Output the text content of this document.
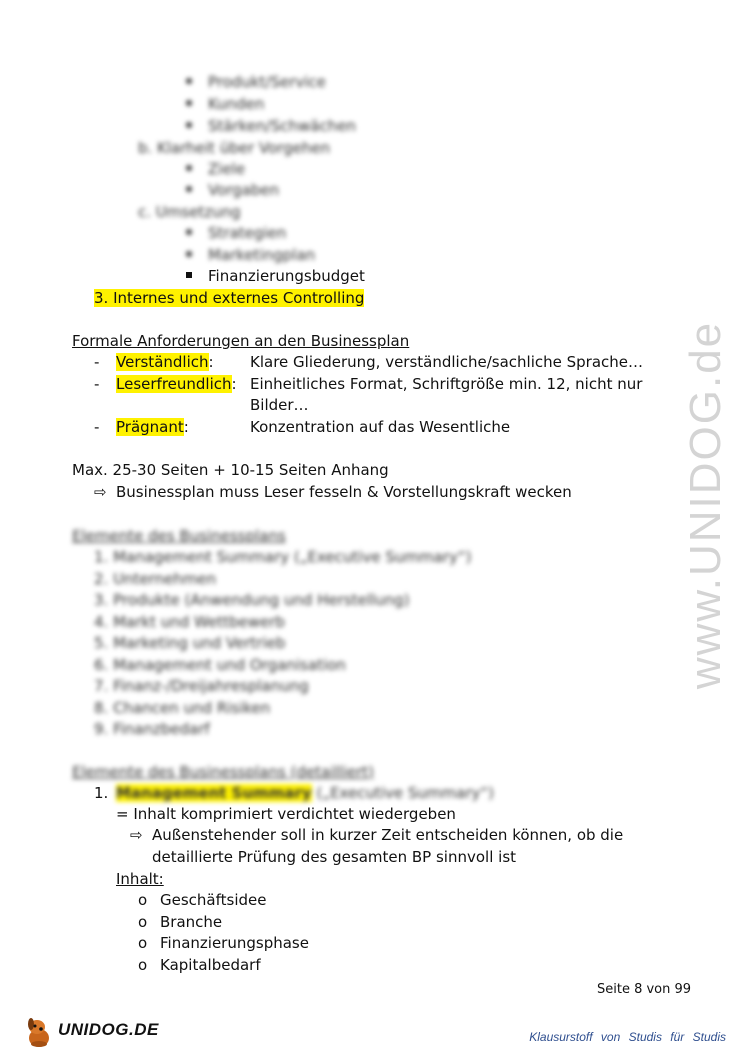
Produkt/Service
Kunden
Stärken/Schwächen
b. Klarheit über Vorgehen
Ziele
Vorgaben
c. Umsetzung
Strategien
Marketingplan
Finanzierungsbudget
3. Internes und externes Controlling
Formale Anforderungen an den Businessplan
- Verständlich: Klare Gliederung, verständliche/sachliche Sprache…
- Leserfreundlich: Einheitliches Format, Schriftgröße min. 12, nicht nur
Bilder…
- Prägnant:	Konzentration auf das Wesentliche
Max. 25-30 Seiten + 10-15 Seiten Anhang
⇨ Businessplan muss Leser fesseln & Vorstellungskraft wecken
Elemente des Businessplans
1. Management Summary („Executive Summary“)
2. Unternehmen
3. Produkte (Anwendung und Herstellung)
4. Markt und Wettbewerb
5. Marketing und Vertrieb
6. Management und Organisation
7. Finanz-/Dreijahresplanung
8. Chancen und Risiken
9. Finanzbedarf
Elemente des Businessplans (detailliert)
1. Management Summary („Executive Summary“)
= Inhalt komprimiert verdichtet wiedergeben
⇨ Außenstehender soll in kurzer Zeit entscheiden können, ob die
detaillierte Prüfung des gesamten BP sinnvoll ist
Inhalt:
o Geschäftsidee
o Branche
o Finanzierungsphase
o Kapitalbedarf
Seite 8 von 99
www.UNIDOG.de
UNIDOG.DE	Klausurstoff von Studis für Studis
